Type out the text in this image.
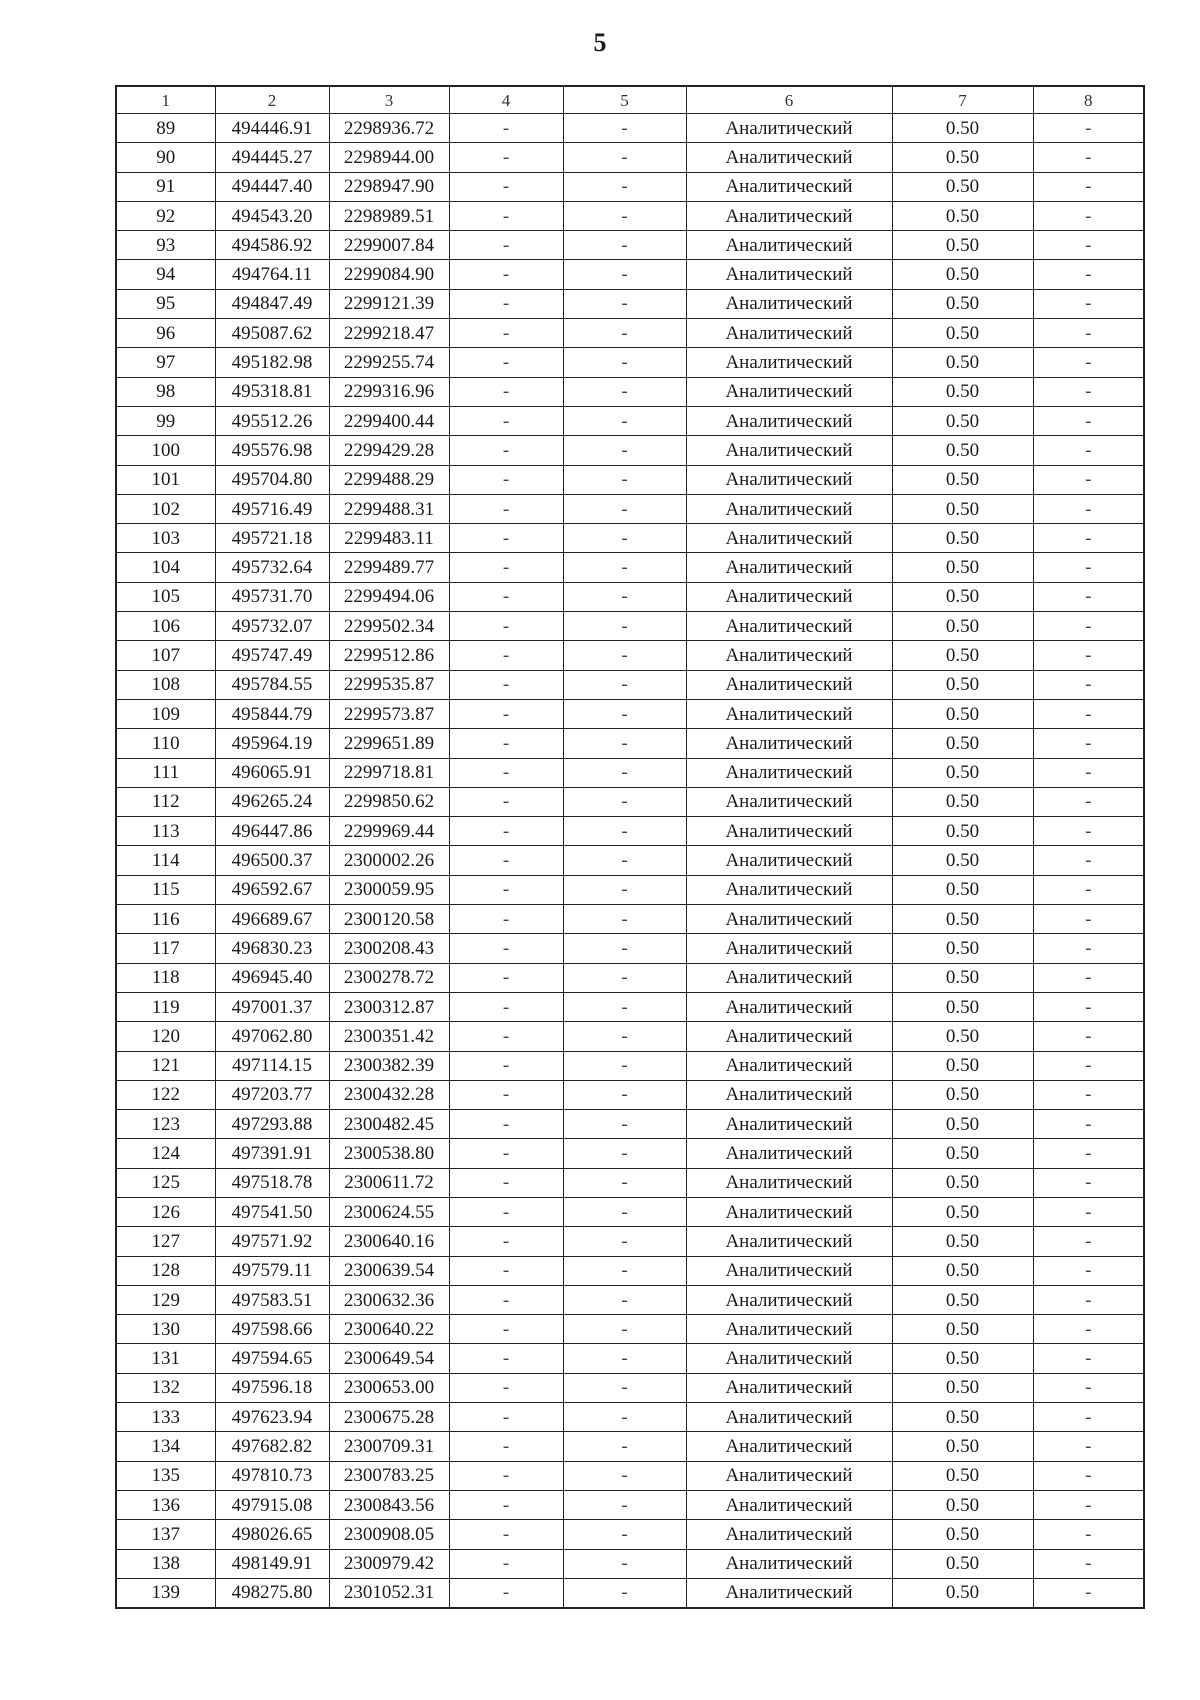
5
1	2	3	4	5	6	7	8
89	494446.91	2298936.72	-	-	Аналитический	0.50	-
90	494445.27	2298944.00	-	-	Аналитический	0.50	-
91	494447.40	2298947.90	-	-	Аналитический	0.50	-
92	494543.20	2298989.51	-	-	Аналитический	0.50	-
93	494586.92	2299007.84	-	-	Аналитический	0.50	-
94	494764.11	2299084.90	-	-	Аналитический	0.50	-
95	494847.49	2299121.39	-	-	Аналитический	0.50	-
96	495087.62	2299218.47	-	-	Аналитический	0.50	-
97	495182.98	2299255.74	-	-	Аналитический	0.50	-
98	495318.81	2299316.96	-	-	Аналитический	0.50	-
99	495512.26	2299400.44	-	-	Аналитический	0.50	-
100	495576.98	2299429.28	-	-	Аналитический	0.50	-
101	495704.80	2299488.29	-	-	Аналитический	0.50	-
102	495716.49	2299488.31	-	-	Аналитический	0.50	-
103	495721.18	2299483.11	-	-	Аналитический	0.50	-
104	495732.64	2299489.77	-	-	Аналитический	0.50	-
105	495731.70	2299494.06	-	-	Аналитический	0.50	-
106	495732.07	2299502.34	-	-	Аналитический	0.50	-
107	495747.49	2299512.86	-	-	Аналитический	0.50	-
108	495784.55	2299535.87	-	-	Аналитический	0.50	-
109	495844.79	2299573.87	-	-	Аналитический	0.50	-
110	495964.19	2299651.89	-	-	Аналитический	0.50	-
111	496065.91	2299718.81	-	-	Аналитический	0.50	-
112	496265.24	2299850.62	-	-	Аналитический	0.50	-
113	496447.86	2299969.44	-	-	Аналитический	0.50	-
114	496500.37	2300002.26	-	-	Аналитический	0.50	-
115	496592.67	2300059.95	-	-	Аналитический	0.50	-
116	496689.67	2300120.58	-	-	Аналитический	0.50	-
117	496830.23	2300208.43	-	-	Аналитический	0.50	-
118	496945.40	2300278.72	-	-	Аналитический	0.50	-
119	497001.37	2300312.87	-	-	Аналитический	0.50	-
120	497062.80	2300351.42	-	-	Аналитический	0.50	-
121	497114.15	2300382.39	-	-	Аналитический	0.50	-
122	497203.77	2300432.28	-	-	Аналитический	0.50	-
123	497293.88	2300482.45	-	-	Аналитический	0.50	-
124	497391.91	2300538.80	-	-	Аналитический	0.50	-
125	497518.78	2300611.72	-	-	Аналитический	0.50	-
126	497541.50	2300624.55	-	-	Аналитический	0.50	-
127	497571.92	2300640.16	-	-	Аналитический	0.50	-
128	497579.11	2300639.54	-	-	Аналитический	0.50	-
129	497583.51	2300632.36	-	-	Аналитический	0.50	-
130	497598.66	2300640.22	-	-	Аналитический	0.50	-
131	497594.65	2300649.54	-	-	Аналитический	0.50	-
132	497596.18	2300653.00	-	-	Аналитический	0.50	-
133	497623.94	2300675.28	-	-	Аналитический	0.50	-
134	497682.82	2300709.31	-	-	Аналитический	0.50	-
135	497810.73	2300783.25	-	-	Аналитический	0.50	-
136	497915.08	2300843.56	-	-	Аналитический	0.50	-
137	498026.65	2300908.05	-	-	Аналитический	0.50	-
138	498149.91	2300979.42	-	-	Аналитический	0.50	-
139	498275.80	2301052.31	-	-	Аналитический	0.50	-
